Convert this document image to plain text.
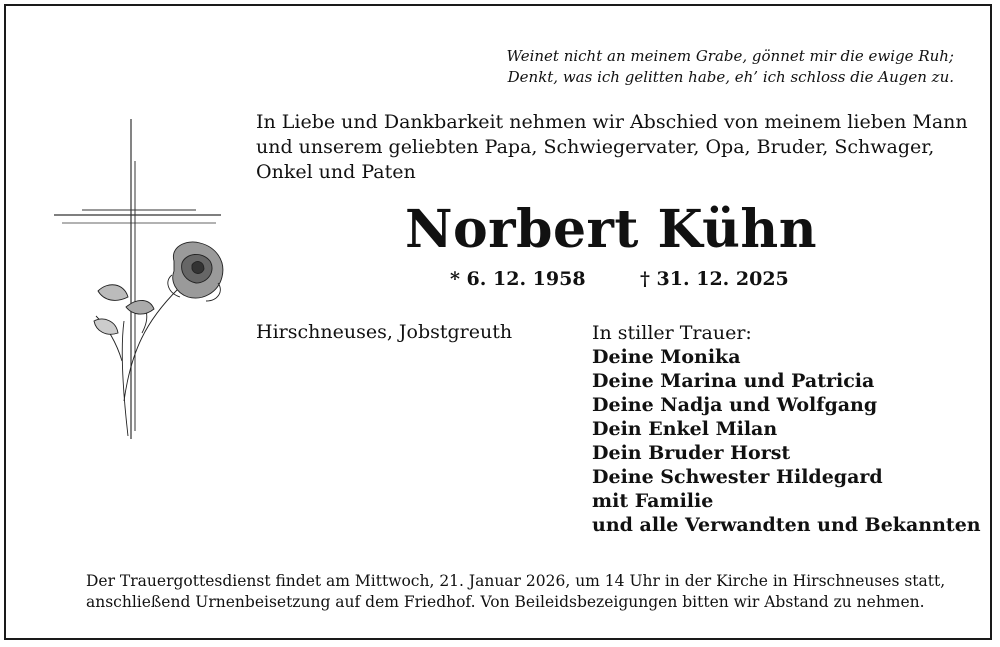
Weinet nicht an meinem Grabe, gönnet mir die ewige Ruh;
Denkt, was ich gelitten habe, eh’ ich schloss die Augen zu.
In Liebe und Dankbarkeit nehmen wir Abschied von meinem lieben Mann
und unserem geliebten Papa, Schwiegervater, Opa, Bruder, Schwager,
Onkel und Paten
Norbert Kühn
* 6. 12. 1958	† 31. 12. 2025
Hirschneuses, Jobstgreuth	In stiller Trauer:
Deine Monika
Deine Marina und Patricia
Deine Nadja und Wolfgang
Dein Enkel Milan
Dein Bruder Horst
Deine Schwester Hildegard
mit Familie
und alle Verwandten und Bekannten
Der Trauergottesdienst findet am Mittwoch, 21. Januar 2026, um 14 Uhr in der Kirche in Hirschneuses statt,
anschließend Urnenbeisetzung auf dem Friedhof. Von Beileidsbezeigungen bitten wir Abstand zu nehmen.
